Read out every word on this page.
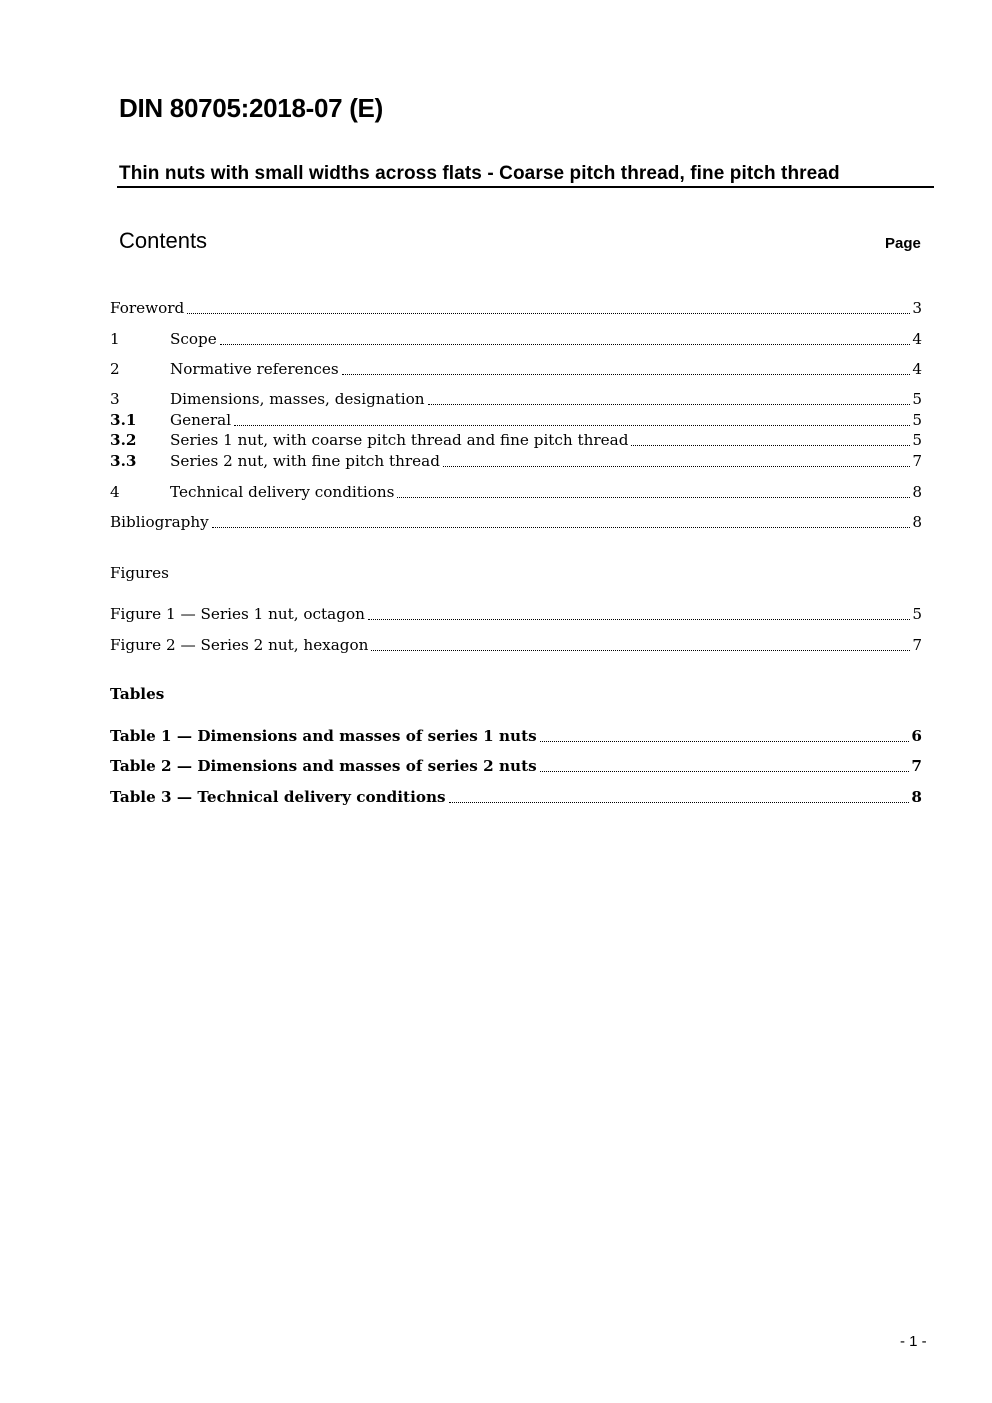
DIN 80705:2018-07 (E)
Thin nuts with small widths across flats - Coarse pitch thread, fine pitch thread
Contents	Page
Foreword	3
1	Scope	4
2	Normative references	4
3	Dimensions, masses, designation	5
3.1	General	5
3.2	Series 1 nut, with coarse pitch thread and fine pitch thread	5
3.3	Series 2 nut, with fine pitch thread	7
4	Technical delivery conditions	8
Bibliography	8
Figures
Figure 1 — Series 1 nut, octagon	5
Figure 2 — Series 2 nut, hexagon	7
Tables
Table 1 — Dimensions and masses of series 1 nuts	6
Table 2 — Dimensions and masses of series 2 nuts	7
Table 3 — Technical delivery conditions	8
- 1 -
